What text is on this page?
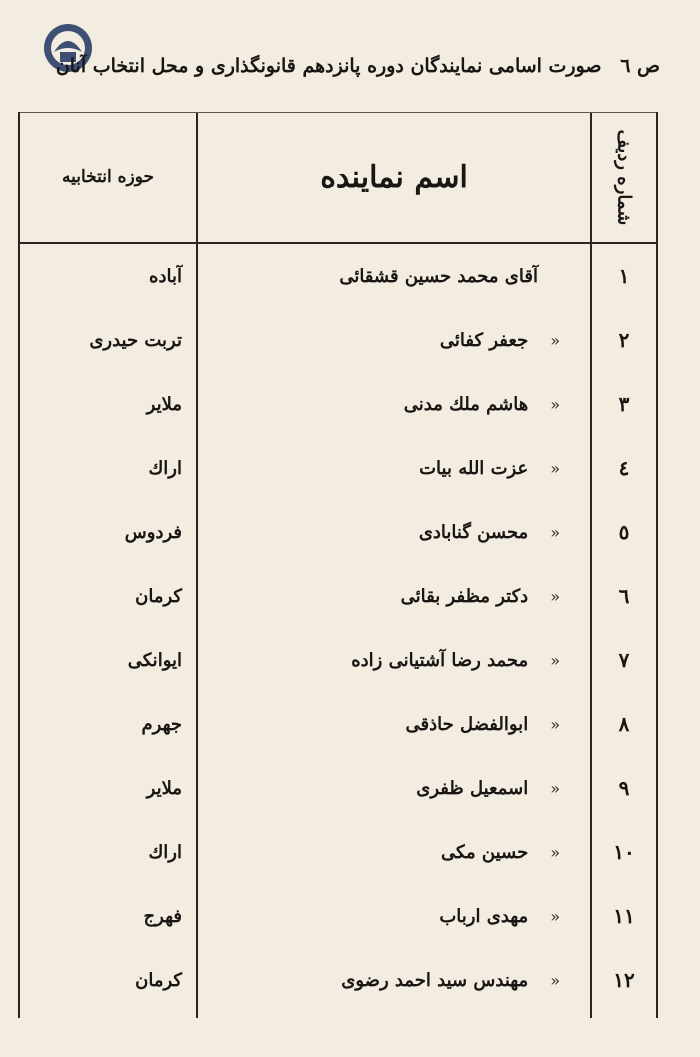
ص ٦ صورت اسامی نمایندگان دوره پانزدهم قانونگذاری و محل انتخاب آنان
حوزه انتخابیه	اسم نماینده	شماره ردیف
١
آقای محمد حسین قشقائی
آباده
٢
«
جعفر کفائی
تربت حیدری
٣
«
هاشم ملك مدنی
ملایر
٤
«
عزت الله بیات
اراك
٥
«
محسن گنابادی
فردوس
٦
«
دکتر مظفر بقائی
کرمان
٧
«
محمد رضا آشتیانی زاده
ایوانکی
٨
«
ابوالفضل حاذقی
جهرم
٩
«
اسمعیل ظفری
ملایر
١٠
«
حسین مکی
اراك
١١
«
مهدی ارباب
فهرج
١٢
«
مهندس سید احمد رضوی
کرمان
